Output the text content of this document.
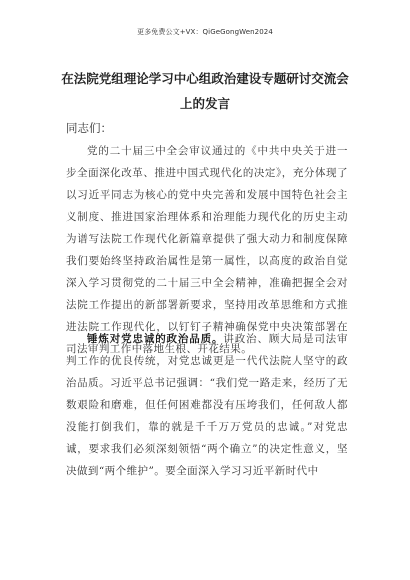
更多免费公文+VX：QiGeGongWen2024
在法院党组理论学习中心组政治建设专题研讨交流会上的发言
同志们：

党的二十届三中全会审议通过的《中共中央关于进一步全面深化改革、推进中国式现代化的决定》，充分体现了以习近平同志为核心的党中央完善和发展中国特色社会主义制度、推进国家治理体系和治理能力现代化的历史主动为谱写法院工作现代化新篇章提供了强大动力和制度保障我们要始终坚持政治属性是第一属性，以高度的政治自觉深入学习贯彻党的二十届三中全会精神，准确把握全会对法院工作提出的新部署新要求，坚持用改革思维和方式推进法院工作现代化，以钉钉子精神确保党中央决策部署在司法审判工作中落地生根、开花结果。

锤炼对党忠诚的政治品质。讲政治、顾大局是司法审判工作的优良传统，对党忠诚更是一代代法院人坚守的政治品质。习近平总书记强调：“我们党一路走来，经历了无数艰险和磨难，但任何困难都没有压垮我们，任何敌人都没能打倒我们，靠的就是千千万万党员的忠诚。”对党忠诚，要求我们必须深刻领悟“两个确立”的决定性意义，坚决做到“两个维护”。要全面深入学习习近平新时代中
